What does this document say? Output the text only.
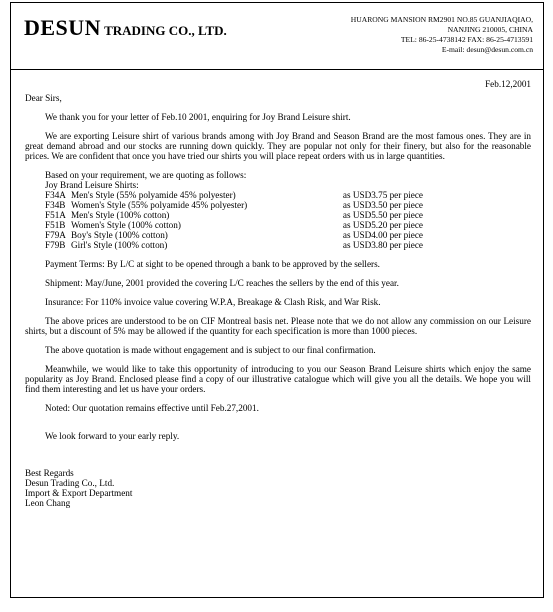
DESUN TRADING CO., LTD.
HUARONG MANSION RM2901 NO.85 GUANJIAQIAO,
NANJING 210005, CHINA
TEL: 86-25-4738142 FAX: 86-25-4713591
E-mail: desun@desun.com.cn
Feb.12,2001
Dear Sirs,

We thank you for your letter of Feb.10 2001, enquiring for Joy Brand Leisure shirt.

We are exporting Leisure shirt of various brands among with Joy Brand and Season Brand are the most famous ones. They are in great demand abroad and our stocks are running down quickly. They are popular not only for their finery, but also for the reasonable prices. We are confident that once you have tried our shirts you will place repeat orders with us in large quantities.

Based on your requirement, we are quoting as follows:
Joy Brand Leisure Shirts:
F34A Men's Style (55% polyamide 45% polyester)	as USD3.75 per piece
F34B Women's Style (55% polyamide 45% polyester)	as USD3.50 per piece
F51A Men's Style (100% cotton)	as USD5.50 per piece
F51B Women's Style (100% cotton)	as USD5.20 per piece
F79A Boy's Style (100% cotton)	as USD4.00 per piece
F79B Girl's Style (100% cotton)	as USD3.80 per piece

Payment Terms: By L/C at sight to be opened through a bank to be approved by the sellers.

Shipment: May/June, 2001 provided the covering L/C reaches the sellers by the end of this year.

Insurance: For 110% invoice value covering W.P.A, Breakage & Clash Risk, and War Risk.

The above prices are understood to be on CIF Montreal basis net. Please note that we do not allow any commission on our Leisure shirts, but a discount of 5% may be allowed if the quantity for each specification is more than 1000 pieces.

The above quotation is made without engagement and is subject to our final confirmation.

Meanwhile, we would like to take this opportunity of introducing to you our Season Brand Leisure shirts which enjoy the same popularity as Joy Brand. Enclosed please find a copy of our illustrative catalogue which will give you all the details. We hope you will find them interesting and let us have your orders.

Noted: Our quotation remains effective until Feb.27,2001.

We look forward to your early reply.

Best Regards
Desun Trading Co., Ltd.
Import & Export Department
Leon Chang
